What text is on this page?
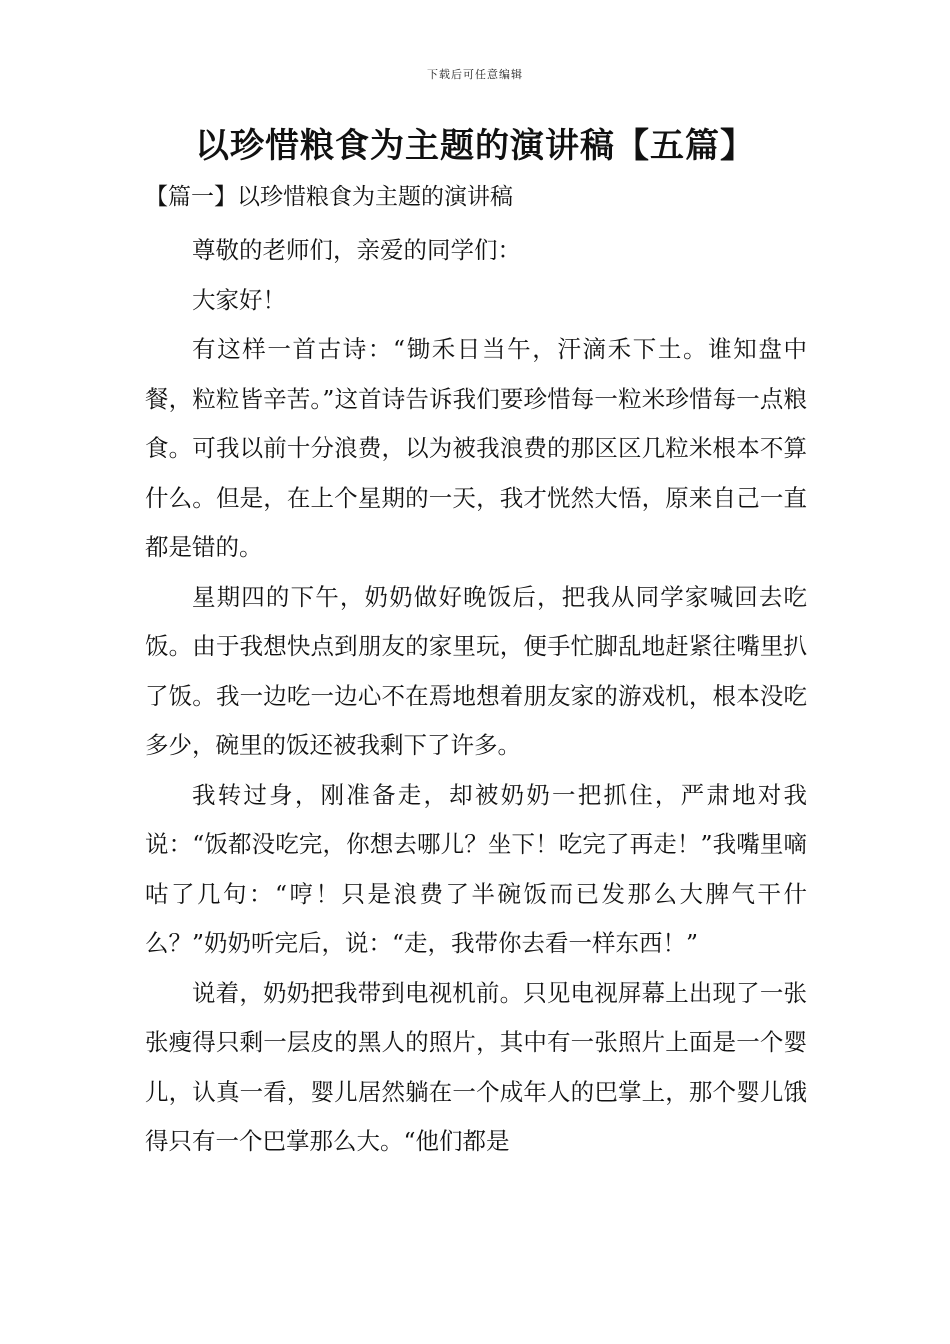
下载后可任意编辑
以珍惜粮食为主题的演讲稿【五篇】
【篇一】以珍惜粮食为主题的演讲稿

尊敬的老师们，亲爱的同学们：

大家好！

有这样一首古诗：“锄禾日当午，汗滴禾下土。谁知盘中餐，粒粒皆辛苦。”这首诗告诉我们要珍惜每一粒米珍惜每一点粮食。可我以前十分浪费，以为被我浪费的那区区几粒米根本不算什么。但是，在上个星期的一天，我才恍然大悟，原来自己一直都是错的。

星期四的下午，奶奶做好晚饭后，把我从同学家喊回去吃饭。由于我想快点到朋友的家里玩，便手忙脚乱地赶紧往嘴里扒了饭。我一边吃一边心不在焉地想着朋友家的游戏机，根本没吃多少，碗里的饭还被我剩下了许多。

我转过身，刚准备走，却被奶奶一把抓住，严肃地对我说：“饭都没吃完，你想去哪儿？坐下！吃完了再走！”我嘴里嘀咕了几句：“哼！只是浪费了半碗饭而已发那么大脾气干什么？”奶奶听完后，说：“走，我带你去看一样东西！”

说着，奶奶把我带到电视机前。只见电视屏幕上出现了一张张瘦得只剩一层皮的黑人的照片，其中有一张照片上面是一个婴儿，认真一看，婴儿居然躺在一个成年人的巴掌上，那个婴儿饿得只有一个巴掌那么大。“他们都是
